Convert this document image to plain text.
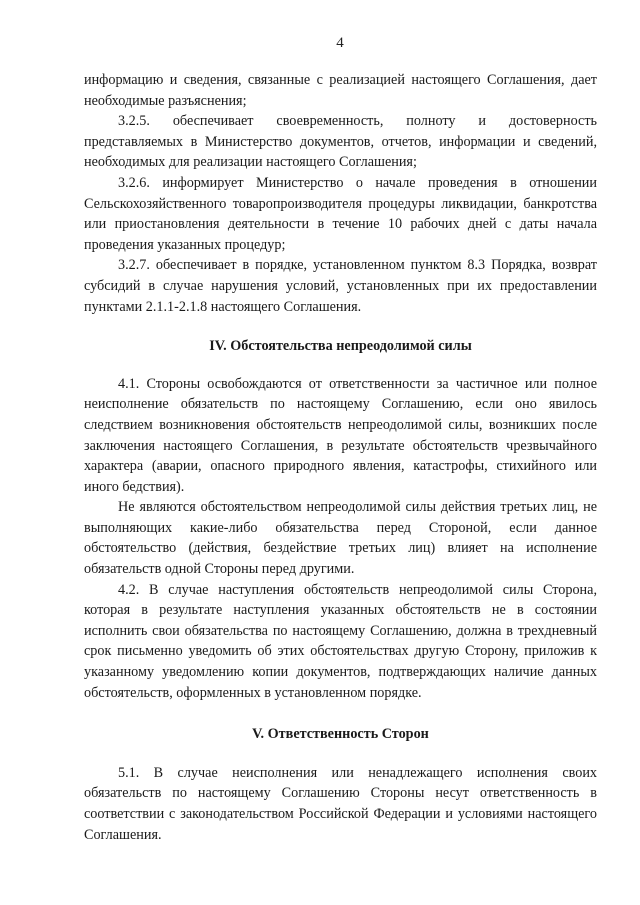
4

информацию и сведения, связанные с реализацией настоящего Соглашения, дает необходимые разъяснения;

3.2.5. обеспечивает своевременность, полноту и достоверность представляемых в Министерство документов, отчетов, информации и сведений, необходимых для реализации настоящего Соглашения;

3.2.6. информирует Министерство о начале проведения в отношении Сельскохозяйственного товаропроизводителя процедуры ликвидации, банкротства или приостановления деятельности в течение 10 рабочих дней с даты начала проведения указанных процедур;

3.2.7. обеспечивает в порядке, установленном пунктом 8.3 Порядка, возврат субсидий в случае нарушения условий, установленных при их предоставлении пунктами 2.1.1-2.1.8 настоящего Соглашения.

IV. Обстоятельства непреодолимой силы

4.1. Стороны освобождаются от ответственности за частичное или полное неисполнение обязательств по настоящему Соглашению, если оно явилось следствием возникновения обстоятельств непреодолимой силы, возникших после заключения настоящего Соглашения, в результате обстоятельств чрезвычайного характера (аварии, опасного природного явления, катастрофы, стихийного или иного бедствия).

Не являются обстоятельством непреодолимой силы действия третьих лиц, не выполняющих какие-либо обязательства перед Стороной, если данное обстоятельство (действия, бездействие третьих лиц) влияет на исполнение обязательств одной Стороны перед другими.

4.2. В случае наступления обстоятельств непреодолимой силы Сторона, которая в результате наступления указанных обстоятельств не в состоянии исполнить свои обязательства по настоящему Соглашению, должна в трехдневный срок письменно уведомить об этих обстоятельствах другую Сторону, приложив к указанному уведомлению копии документов, подтверждающих наличие данных обстоятельств, оформленных в установленном порядке.

V. Ответственность Сторон

5.1. В случае неисполнения или ненадлежащего исполнения своих обязательств по настоящему Соглашению Стороны несут ответственность в соответствии с законодательством Российской Федерации и условиями настоящего Соглашения.
